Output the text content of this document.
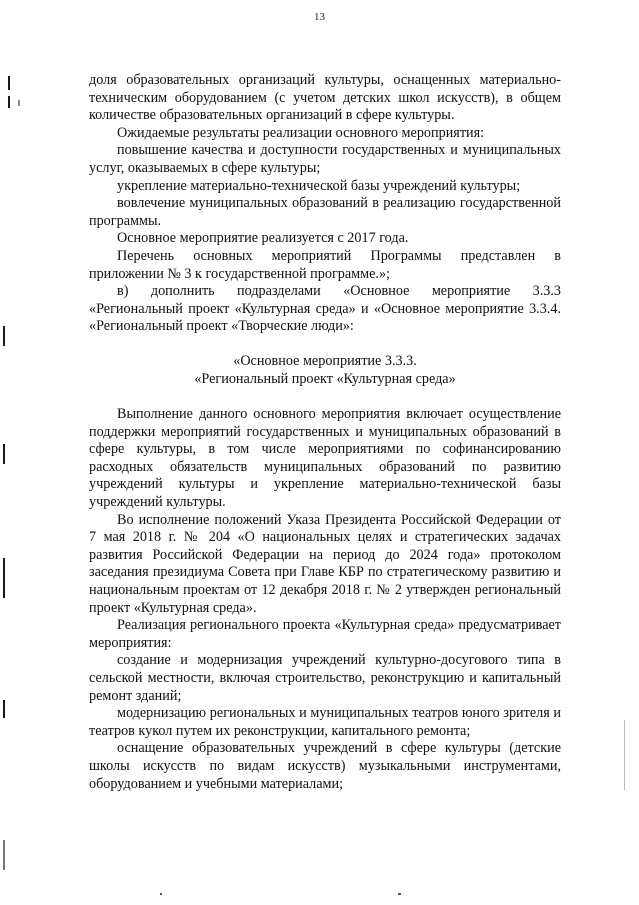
13

доля образовательных организаций культуры, оснащенных материально-техническим оборудованием (с учетом детских школ искусств), в общем количестве образовательных организаций в сфере культуры.

Ожидаемые результаты реализации основного мероприятия:

повышение качества и доступности государственных и муниципальных услуг, оказываемых в сфере культуры;

укрепление материально-технической базы учреждений культуры;

вовлечение муниципальных образований в реализацию государственной программы.

Основное мероприятие реализуется с 2017 года.

Перечень основных мероприятий Программы представлен в приложении № 3 к государственной программе.»;

в) дополнить подразделами «Основное мероприятие 3.3.3 «Региональный проект «Культурная среда» и «Основное мероприятие 3.3.4. «Региональный проект «Творческие люди»:

«Основное мероприятие 3.3.3.
«Региональный проект «Культурная среда»

Выполнение данного основного мероприятия включает осуществление поддержки мероприятий государственных и муниципальных образований в сфере культуры, в том числе мероприятиями по софинансированию расходных обязательств муниципальных образований по развитию учреждений культуры и укрепление материально-технической базы учреждений культуры.

Во исполнение положений Указа Президента Российской Федерации от 7 мая 2018 г. № 204 «О национальных целях и стратегических задачах развития Российской Федерации на период до 2024 года» протоколом заседания президиума Совета при Главе КБР по стратегическому развитию и национальным проектам от 12 декабря 2018 г. № 2 утвержден региональный проект «Культурная среда».

Реализация регионального проекта «Культурная среда» предусматривает мероприятия:

создание и модернизация учреждений культурно-досугового типа в сельской местности, включая строительство, реконструкцию и капитальный ремонт зданий;

модернизацию региональных и муниципальных театров юного зрителя и театров кукол путем их реконструкции, капитального ремонта;

оснащение образовательных учреждений в сфере культуры (детские школы искусств по видам искусств) музыкальными инструментами, оборудованием и учебными материалами;
